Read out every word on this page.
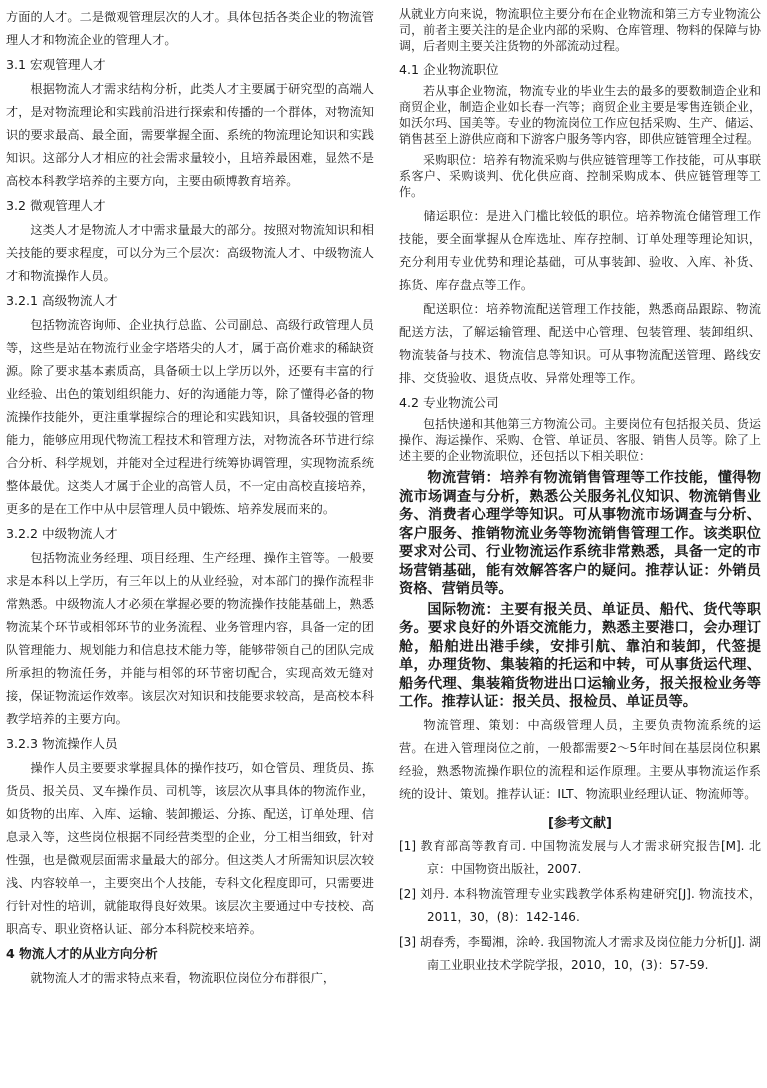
方面的人才。二是微观管理层次的人才。具体包括各类企业的物流管理人才和物流企业的管理人才。

3.1 宏观管理人才

根据物流人才需求结构分析，此类人才主要属于研究型的高端人才，是对物流理论和实践前沿进行探索和传播的一个群体，对物流知识的要求最高、最全面，需要掌握全面、系统的物流理论知识和实践知识。这部分人才相应的社会需求量较小，且培养最困难，显然不是高校本科教学培养的主要方向，主要由硕博教育培养。

3.2 微观管理人才

这类人才是物流人才中需求量最大的部分。按照对物流知识和相关技能的要求程度，可以分为三个层次：高级物流人才、中级物流人才和物流操作人员。

3.2.1 高级物流人才

包括物流咨询师、企业执行总监、公司副总、高级行政管理人员等，这些是站在物流行业金字塔塔尖的人才，属于高价难求的稀缺资源。除了要求基本素质高，具备硕士以上学历以外，还要有丰富的行业经验、出色的策划组织能力、好的沟通能力等，除了懂得必备的物流操作技能外，更注重掌握综合的理论和实践知识，具备较强的管理能力，能够应用现代物流工程技术和管理方法，对物流各环节进行综合分析、科学规划，并能对全过程进行统筹协调管理，实现物流系统整体最优。这类人才属于企业的高管人员，不一定由高校直接培养，更多的是在工作中从中层管理人员中锻炼、培养发展而来的。

3.2.2 中级物流人才

包括物流业务经理、项目经理、生产经理、操作主管等。一般要求是本科以上学历，有三年以上的从业经验，对本部门的操作流程非常熟悉。中级物流人才必须在掌握必要的物流操作技能基础上，熟悉物流某个环节或相邻环节的业务流程、业务管理内容，具备一定的团队管理能力、规划能力和信息技术能力等，能够带领自己的团队完成所承担的物流任务，并能与相邻的环节密切配合，实现高效无缝对接，保证物流运作效率。该层次对知识和技能要求较高，是高校本科教学培养的主要方向。

3.2.3 物流操作人员

操作人员主要要求掌握具体的操作技巧，如仓管员、理货员、拣货员、报关员、叉车操作员、司机等，该层次从事具体的物流作业，如货物的出库、入库、运输、装卸搬运、分拣、配送，订单处理、信息录入等，这些岗位根据不同经营类型的企业，分工相当细致，针对性强，也是微观层面需求量最大的部分。但这类人才所需知识层次较浅、内容较单一，主要突出个人技能，专科文化程度即可，只需要进行针对性的培训，就能取得良好效果。该层次主要通过中专技校、高职高专、职业资格认证、部分本科院校来培养。

4 物流人才的从业方向分析

就物流人才的需求特点来看，物流职位岗位分布群很广，

从就业方向来说，物流职位主要分布在企业物流和第三方专业物流公司，前者主要关注的是企业内部的采购、仓库管理、物料的保障与协调，后者则主要关注货物的外部流动过程。

4.1 企业物流职位

若从事企业物流，物流专业的毕业生去的最多的要数制造企业和商贸企业，制造企业如长春一汽等；商贸企业主要是零售连锁企业，如沃尔玛、国美等。专业的物流岗位工作应包括采购、生产、储运、销售甚至上游供应商和下游客户服务等内容，即供应链管理全过程。

采购职位：培养有物流采购与供应链管理等工作技能，可从事联系客户、采购谈判、优化供应商、控制采购成本、供应链管理等工作。

储运职位：是进入门槛比较低的职位。培养物流仓储管理工作技能，要全面掌握从仓库选址、库存控制、订单处理等理论知识，充分利用专业优势和理论基础，可从事装卸、验收、入库、补货、拣货、库存盘点等工作。

配送职位：培养物流配送管理工作技能，熟悉商品跟踪、物流配送方法，了解运输管理、配送中心管理、包装管理、装卸组织、物流装备与技术、物流信息等知识。可从事物流配送管理、路线安排、交货验收、退货点收、异常处理等工作。

4.2 专业物流公司

包括快递和其他第三方物流公司。主要岗位有包括报关员、货运操作、海运操作、采购、仓管、单证员、客服、销售人员等。除了上述主要的企业物流职位，还包括以下相关职位：

物流营销：培养有物流销售管理等工作技能，懂得物流市场调查与分析，熟悉公关服务礼仪知识、物流销售业务、消费者心理学等知识。可从事物流市场调查与分析、客户服务、推销物流业务等物流销售管理工作。该类职位要求对公司、行业物流运作系统非常熟悉，具备一定的市场营销基础，能有效解答客户的疑问。推荐认证：外销员资格、营销员等。

国际物流：主要有报关员、单证员、船代、货代等职务。要求良好的外语交流能力，熟悉主要港口，会办理订舱，船舶进出港手续，安排引航、靠泊和装卸，代签提单，办理货物、集装箱的托运和中转，可从事货运代理、船务代理、集装箱货物进出口运输业务，报关报检业务等工作。推荐认证：报关员、报检员、单证员等。

物流管理、策划：中高级管理人员，主要负责物流系统的运营。在进入管理岗位之前，一般都需要2～5年时间在基层岗位积累经验，熟悉物流操作职位的流程和运作原理。主要从事物流运作系统的设计、策划。推荐认证：ILT、物流职业经理认证、物流师等。

[参考文献]
[1] 教育部高等教育司. 中国物流发展与人才需求研究报告[M]. 北京：中国物资出版社，2007.
[2] 刘丹. 本科物流管理专业实践教学体系构建研究[J]. 物流技术，2011，30，(8)：142-146.
[3] 胡春秀，李蜀湘，涂岭. 我国物流人才需求及岗位能力分析[J]. 湖南工业职业技术学院学报，2010，10，(3)：57-59.
